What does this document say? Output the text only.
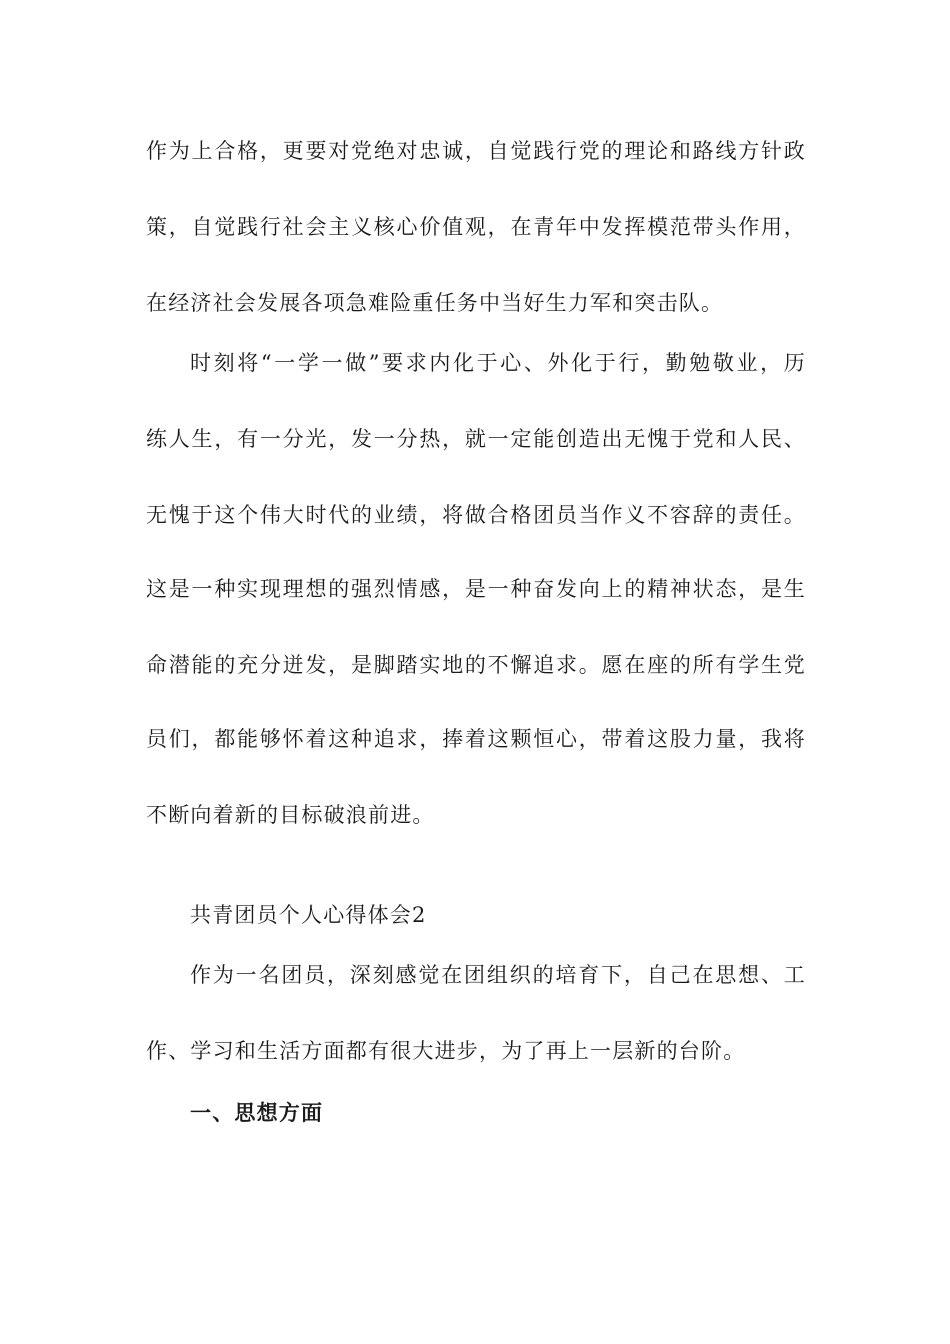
作为上合格，更要对党绝对忠诚，自觉践行党的理论和路线方针政
策，自觉践行社会主义核心价值观，在青年中发挥模范带头作用，
在经济社会发展各项急难险重任务中当好生力军和突击队。
时刻将“一学一做”要求内化于心、外化于行，勤勉敬业，历
练人生，有一分光，发一分热，就一定能创造出无愧于党和人民、
无愧于这个伟大时代的业绩，将做合格团员当作义不容辞的责任。
这是一种实现理想的强烈情感，是一种奋发向上的精神状态，是生
命潜能的充分迸发，是脚踏实地的不懈追求。愿在座的所有学生党
员们，都能够怀着这种追求，捧着这颗恒心，带着这股力量，我将
不断向着新的目标破浪前进。
共青团员个人心得体会2
作为一名团员，深刻感觉在团组织的培育下，自己在思想、工
作、学习和生活方面都有很大进步，为了再上一层新的台阶。
一、思想方面
